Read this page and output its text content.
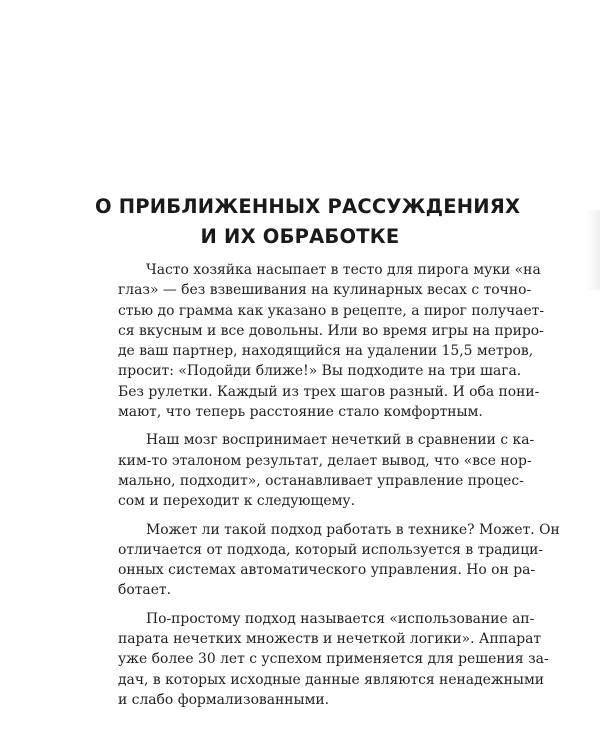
О ПРИБЛИЖЕННЫХ РАССУЖДЕНИЯХ
И ИХ ОБРАБОТКЕ

Часто хозяйка насыпает в тесто для пирога муки «на
глаз» — без взвешивания на кулинарных весах с точно-
стью до грамма как указано в рецепте, а пирог получает-
ся вкусным и все довольны. Или во время игры на приро-
де ваш партнер, находящийся на удалении 15,5 метров,
просит: «Подойди ближе!» Вы подходите на три шага.
Без рулетки. Каждый из трех шагов разный. И оба пони-
мают, что теперь расстояние стало комфортным.

Наш мозг воспринимает нечеткий в сравнении с ка-
ким-то эталоном результат, делает вывод, что «все нор-
мально, подходит», останавливает управление процес-
сом и переходит к следующему.

Может ли такой подход работать в технике? Может. Он
отличается от подхода, который используется в традици-
онных системах автоматического управления. Но он ра-
ботает.

По-простому подход называется «использование ап-
парата нечетких множеств и нечеткой логики». Аппарат
уже более 30 лет с успехом применяется для решения за-
дач, в которых исходные данные являются ненадежными
и слабо формализованными.
